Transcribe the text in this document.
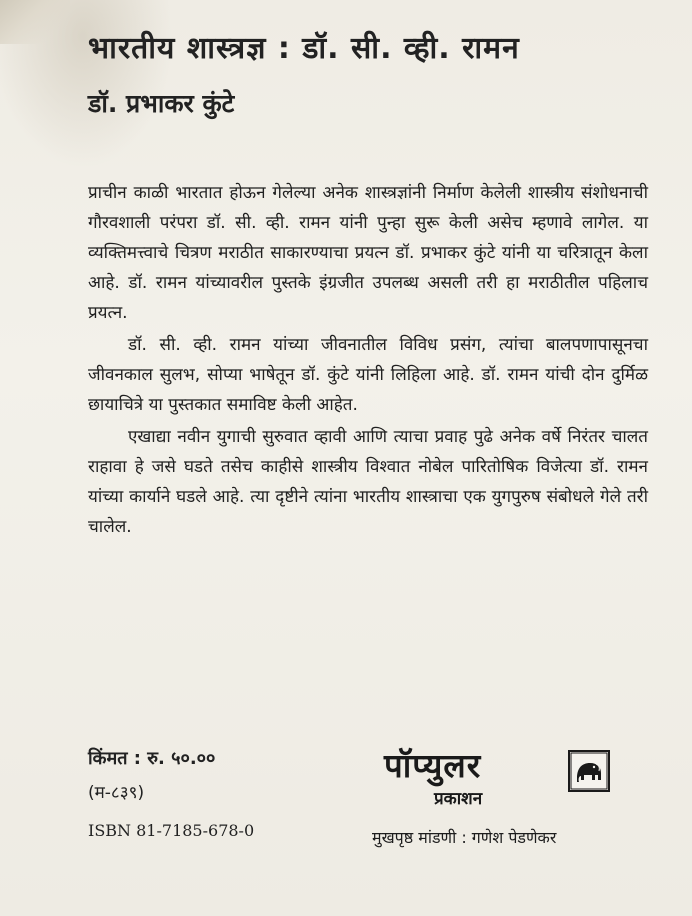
भारतीय शास्त्रज्ञ : डॉ. सी. व्ही. रामन
डॉ. प्रभाकर कुंटे

प्राचीन काळी भारतात होऊन गेलेल्या अनेक शास्त्रज्ञांनी निर्माण केलेली शास्त्रीय संशोधनाची गौरवशाली परंपरा डॉ. सी. व्ही. रामन यांनी पुन्हा सुरू केली असेच म्हणावे लागेल. या व्यक्तिमत्त्वाचे चित्रण मराठीत साकारण्याचा प्रयत्न डॉ. प्रभाकर कुंटे यांनी या चरित्रातून केला आहे. डॉ. रामन यांच्यावरील पुस्तके इंग्रजीत उपलब्ध असली तरी हा मराठीतील पहिलाच प्रयत्न.

डॉ. सी. व्ही. रामन यांच्या जीवनातील विविध प्रसंग, त्यांचा बालपणापासूनचा जीवनकाल सुलभ, सोप्या भाषेतून डॉ. कुंटे यांनी लिहिला आहे. डॉ. रामन यांची दोन दुर्मिळ छायाचित्रे या पुस्तकात समाविष्ट केली आहेत.

एखाद्या नवीन युगाची सुरुवात व्हावी आणि त्याचा प्रवाह पुढे अनेक वर्षे निरंतर चालत राहावा हे जसे घडते तसेच काहीसे शास्त्रीय विश्वात नोबेल पारितोषिक विजेत्या डॉ. रामन यांच्या कार्याने घडले आहे. त्या दृष्टीने त्यांना भारतीय शास्त्राचा एक युगपुरुष संबोधले गेले तरी चालेल.

किंमत : रु. ५०.००
(म-८३९)
ISBN 81-7185-678-0
पॉप्युलर
प्रकाशन
मुखपृष्ठ मांडणी : गणेश पेडणेकर
